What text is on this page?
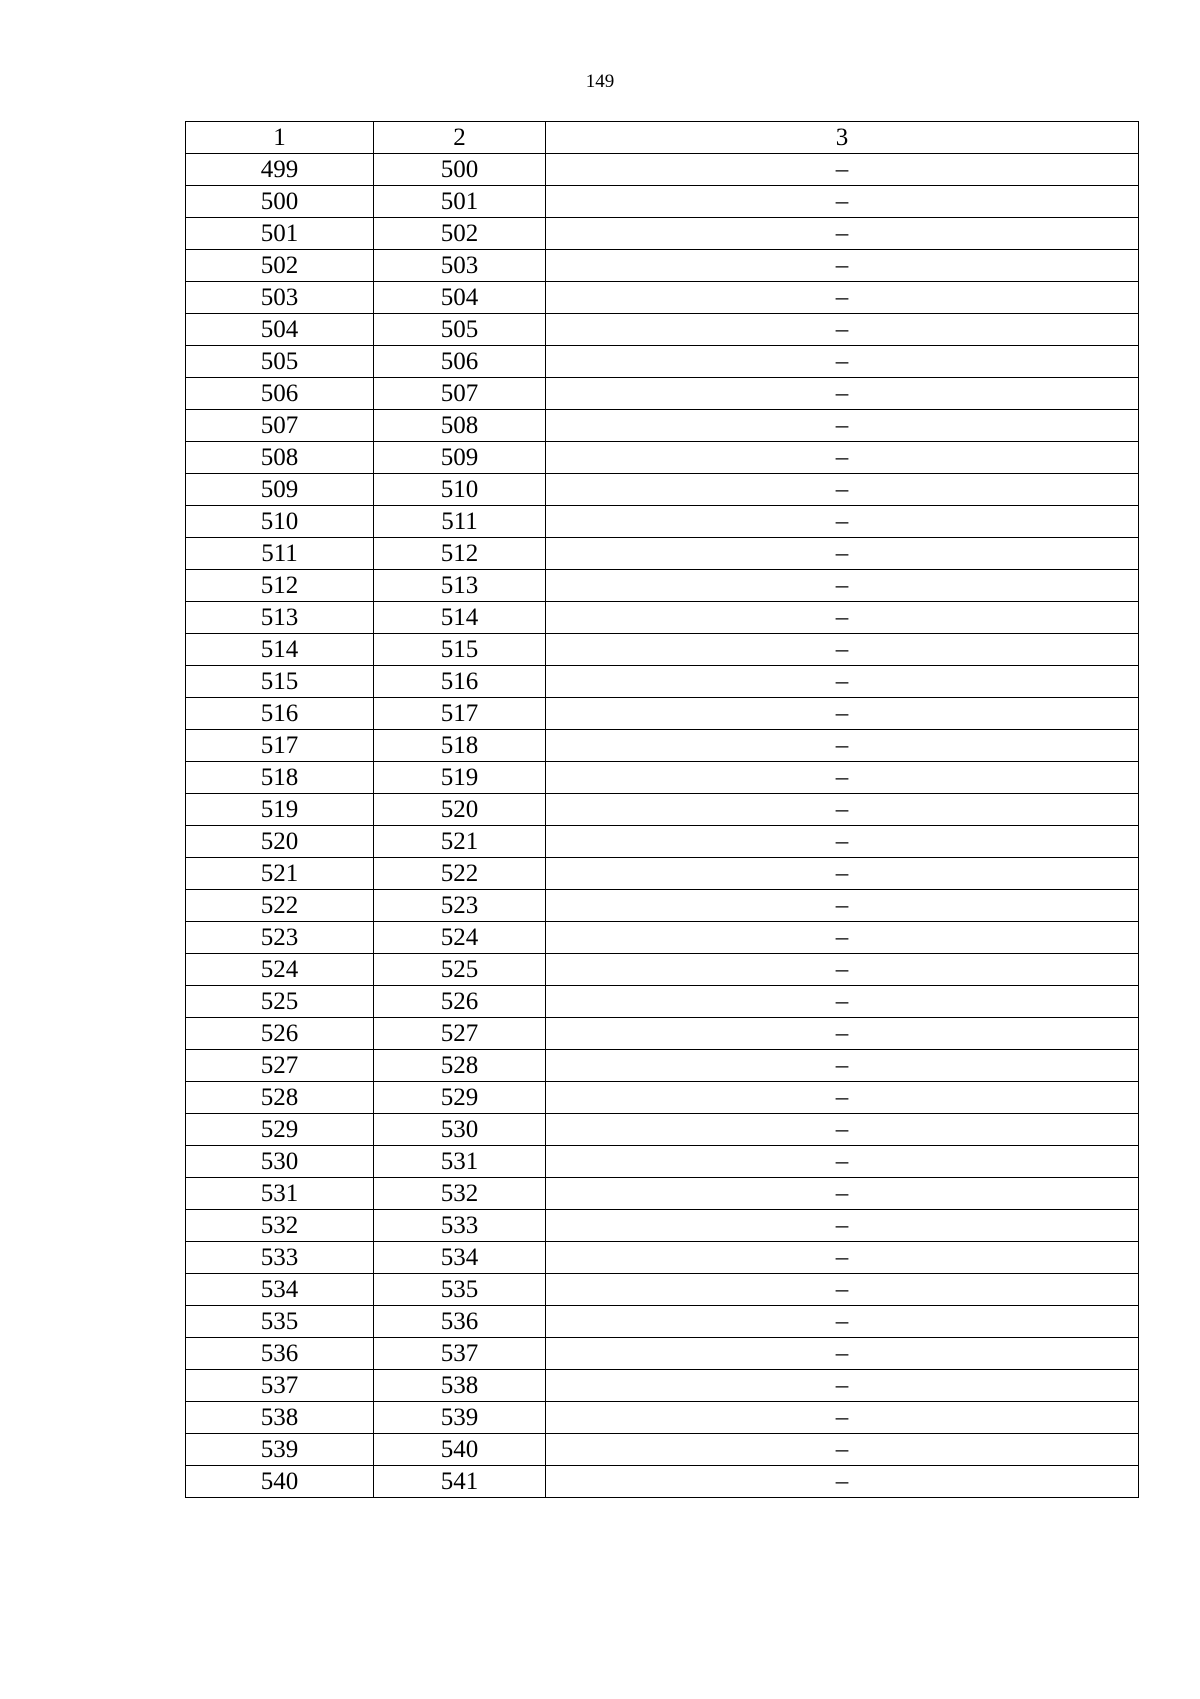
149
1	2	3
499	500	–
500	501	–
501	502	–
502	503	–
503	504	–
504	505	–
505	506	–
506	507	–
507	508	–
508	509	–
509	510	–
510	511	–
511	512	–
512	513	–
513	514	–
514	515	–
515	516	–
516	517	–
517	518	–
518	519	–
519	520	–
520	521	–
521	522	–
522	523	–
523	524	–
524	525	–
525	526	–
526	527	–
527	528	–
528	529	–
529	530	–
530	531	–
531	532	–
532	533	–
533	534	–
534	535	–
535	536	–
536	537	–
537	538	–
538	539	–
539	540	–
540	541	–
